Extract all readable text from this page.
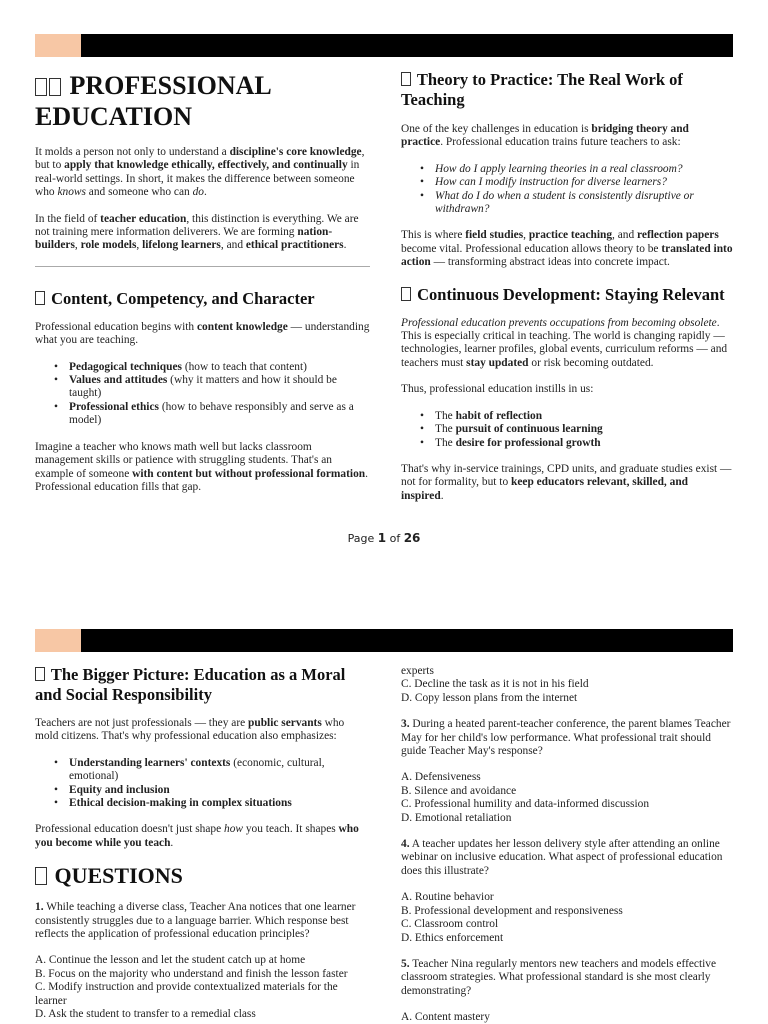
PROFESSIONAL EDUCATION

It molds a person not only to understand a discipline's core knowledge, but to apply that knowledge ethically, effectively, and continually in real-world settings. In short, it makes the difference between someone who knows and someone who can do.

In the field of teacher education, this distinction is everything. We are not training mere information deliverers. We are forming nation-builders, role models, lifelong learners, and ethical practitioners.

Content, Competency, and Character

Professional education begins with content knowledge — understanding what you are teaching.

• Pedagogical techniques (how to teach that content)
• Values and attitudes (why it matters and how it should be taught)
• Professional ethics (how to behave responsibly and serve as a model)

Imagine a teacher who knows math well but lacks classroom management skills or patience with struggling students. That's an example of someone with content but without professional formation. Professional education fills that gap.

Theory to Practice: The Real Work of Teaching

One of the key challenges in education is bridging theory and practice. Professional education trains future teachers to ask:

• How do I apply learning theories in a real classroom?
• How can I modify instruction for diverse learners?
• What do I do when a student is consistently disruptive or withdrawn?

This is where field studies, practice teaching, and reflection papers become vital. Professional education allows theory to be translated into action — transforming abstract ideas into concrete impact.

Continuous Development: Staying Relevant

Professional education prevents occupations from becoming obsolete. This is especially critical in teaching. The world is changing rapidly — technologies, learner profiles, global events, curriculum reforms — and teachers must stay updated or risk becoming outdated.

Thus, professional education instills in us:

• The habit of reflection
• The pursuit of continuous learning
• The desire for professional growth

That's why in-service trainings, CPD units, and graduate studies exist — not for formality, but to keep educators relevant, skilled, and inspired.

Page 1 of 26
The Bigger Picture: Education as a Moral and Social Responsibility

Teachers are not just professionals — they are public servants who mold citizens. That's why professional education also emphasizes:

• Understanding learners' contexts (economic, cultural, emotional)
• Equity and inclusion
• Ethical decision-making in complex situations

Professional education doesn't just shape how you teach. It shapes who you become while you teach.

QUESTIONS

1. While teaching a diverse class, Teacher Ana notices that one learner consistently struggles due to a language barrier. Which response best reflects the application of professional education principles?

A. Continue the lesson and let the student catch up at home
B. Focus on the majority who understand and finish the lesson faster
C. Modify instruction and provide contextualized materials for the learner
D. Ask the student to transfer to a remedial class
experts
C. Decline the task as it is not in his field
D. Copy lesson plans from the internet

3. During a heated parent-teacher conference, the parent blames Teacher May for her child's low performance. What professional trait should guide Teacher May's response?

A. Defensiveness
B. Silence and avoidance
C. Professional humility and data-informed discussion
D. Emotional retaliation

4. A teacher updates her lesson delivery style after attending an online webinar on inclusive education. What aspect of professional education does this illustrate?

A. Routine behavior
B. Professional development and responsiveness
C. Classroom control
D. Ethics enforcement

5. Teacher Nina regularly mentors new teachers and models effective classroom strategies. What professional standard is she most clearly demonstrating?

A. Content mastery
